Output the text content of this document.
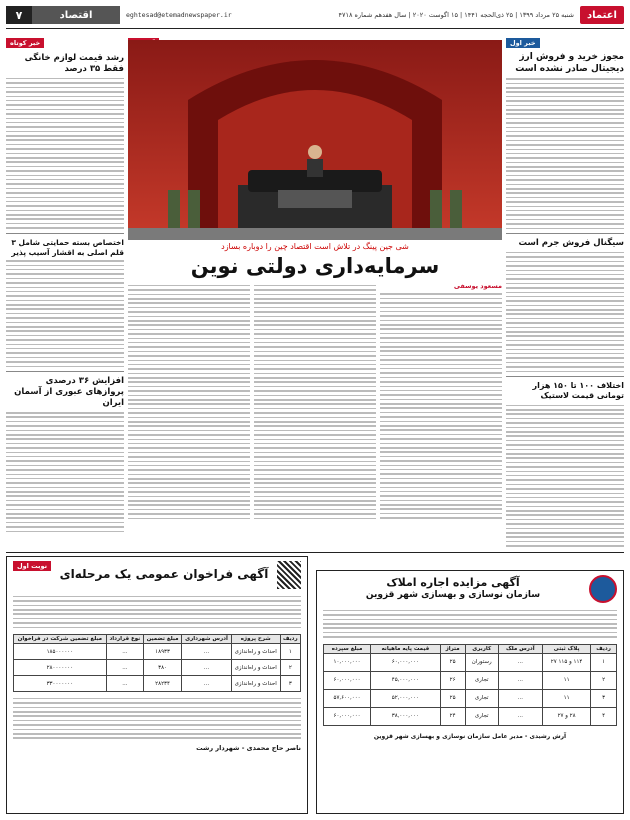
اعتماد
شنبه ۲۵ مرداد ۱۳۹۹ | ۲۵ ذی‌الحجه ۱۴۴۱ | ۱۵ اگوست ۲۰۲۰ | سال هفدهم شماره ۴۷۱۸
eghtesad@etemadnewspaper.ir
اقتصاد
۷
خبر اول
مجوز خرید و فروش ارز دیجیتال صادر نشده است
سیگنال فروش جرم است
اختلاف ۱۰۰ تا ۱۵۰ هزار تومانی قیمت لاستیک
خبر کوتاه
رشد قیمت لوازم خانگی فقط ۳۵ درصد
اختصاص بسته حمایتی شامل ۳ قلم اصلی به اقشار آسیب پذیر
افزایش ۳۶ درصدی پروازهای عبوری از آسمان ایران
شی جین پینگ در تلاش است اقتصاد چین را دوباره بسازد
سرمایه‌داری دولتی نوین
مسعود یوسفی
آگهی فراخوان عمومی یک مرحله‌ای
نوبت اول
ردیف	شرح پروژه	آدرس شهرداری	مبلغ تضمین	نوع قرارداد	مبلغ تضمین شرکت در فراخوان
۱	احداث و راه‌اندازی	...	۱۸۹۳۳	...	۱۸۵۰۰۰۰۰۰
۲	احداث و راه‌اندازی	...	۳۸۰	...	۲۸۰۰۰۰۰۰۰
۳	احداث و راه‌اندازی	...	۲۸۲۳۴	...	۳۳۰۰۰۰۰۰۰
ناصر حاج محمدی - شهردار رشت
آگهی مزایده اجاره املاک
سازمان نوسازی و بهسازی شهر قزوین
ردیف	پلاک ثبتی	آدرس ملک	کاربری	متراژ	قیمت پایه ماهیانه	مبلغ سپرده
۱	۱۱۴ و ۱۱۵ ۲۷	...	رستوران	۲۵	۶۰,۰۰۰,۰۰۰	۱۰,۰۰۰,۰۰۰
۲	۱۱	...	تجاری	۲۶	۴۵,۰۰۰,۰۰۰	۶۰,۰۰۰,۰۰۰
۳	۱۱	...	تجاری	۲۵	۵۲,۰۰۰,۰۰۰	۵۷,۶۰۰,۰۰۰
۴	۲۸ و ۲۷	...	تجاری	۲۴	۳۸,۰۰۰,۰۰۰	۶۰,۰۰۰,۰۰۰
آرش رشیدی - مدیر عامل سازمان نوسازی و بهسازی شهر قزوین
